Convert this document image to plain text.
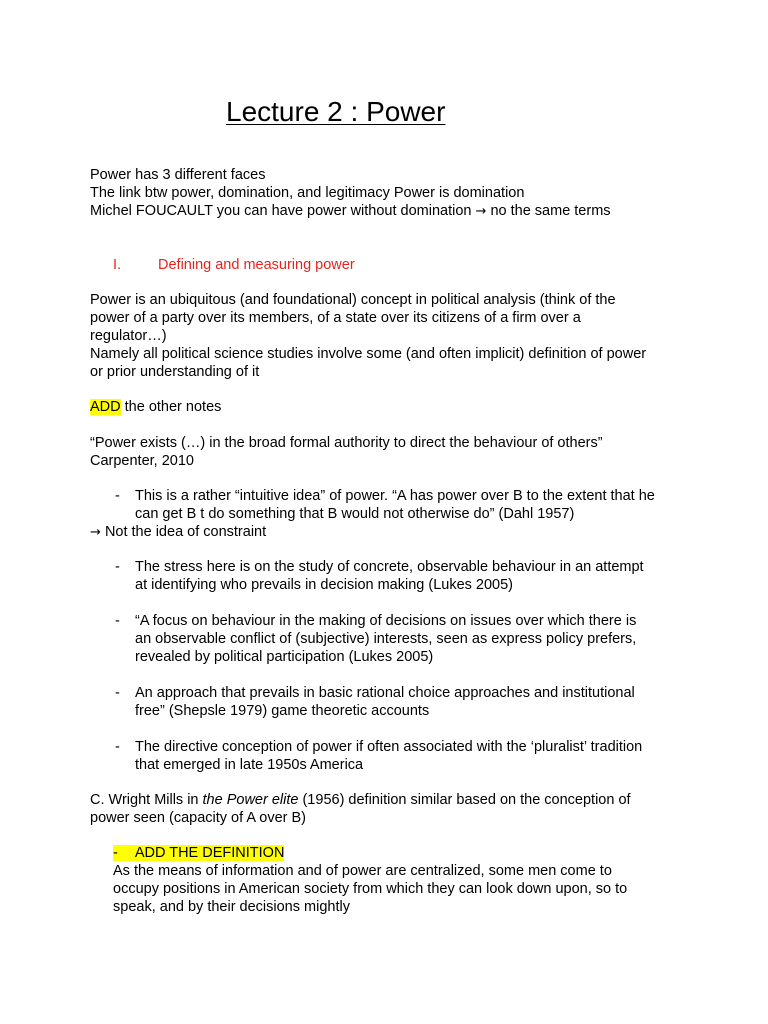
Lecture 2 : Power
Power has 3 different faces
The link btw power, domination, and legitimacy Power is domination
Michel FOUCAULT you can have power without domination → no the same terms
I.	Defining and measuring power
Power is an ubiquitous (and foundational) concept in political analysis (think of the
power of a party over its members, of a state over its citizens of a firm over a
regulator…)
Namely all political science studies involve some (and often implicit) definition of power
or prior understanding of it
ADD the other notes
“Power exists (…) in the broad formal authority to direct the behaviour of others”
Carpenter, 2010
- This is a rather “intuitive idea” of power. “A has power over B to the extent that he
can get B t do something that B would not otherwise do” (Dahl 1957)
→ Not the idea of constraint
- The stress here is on the study of concrete, observable behaviour in an attempt
at identifying who prevails in decision making (Lukes 2005)
- “A focus on behaviour in the making of decisions on issues over which there is
an observable conflict of (subjective) interests, seen as express policy prefers,
revealed by political participation (Lukes 2005)
- An approach that prevails in basic rational choice approaches and institutional
free” (Shepsle 1979) game theoretic accounts
- The directive conception of power if often associated with the ‘pluralist’ tradition
that emerged in late 1950s America
C. Wright Mills in the Power elite (1956) definition similar based on the conception of
power seen (capacity of A over B)
- ADD THE DEFINITION
As the means of information and of power are centralized, some men come to
occupy positions in American society from which they can look down upon, so to
speak, and by their decisions mightly
